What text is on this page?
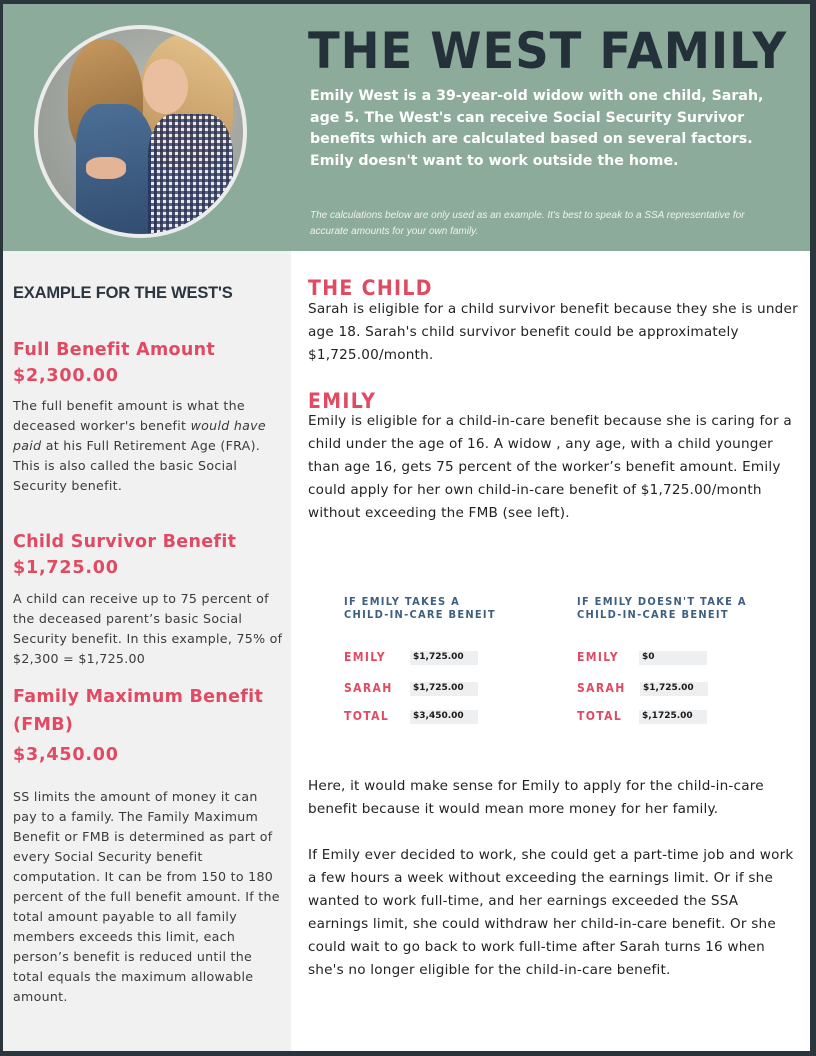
THE WEST FAMILY
Emily West is a 39-year-old widow with one child, Sarah, age 5. The West's can receive Social Security Survivor benefits which are calculated based on several factors. Emily doesn't want to work outside the home.
The calculations below are only used as an example. It's best to speak to a SSA representative for accurate amounts for your own family.
EXAMPLE FOR THE WEST'S
Full Benefit Amount
$2,300.00
The full benefit amount is what the deceased worker's benefit would have paid at his Full Retirement Age (FRA). This is also called the basic Social Security benefit.
Child Survivor Benefit
$1,725.00
A child can receive up to 75 percent of the deceased parent’s basic Social Security benefit. In this example, 75% of $2,300 = $1,725.00
Family Maximum Benefit (FMB)
$3,450.00
SS limits the amount of money it can pay to a family. The Family Maximum Benefit or FMB is determined as part of every Social Security benefit computation. It can be from 150 to 180 percent of the full benefit amount. If the total amount payable to all family members exceeds this limit, each person’s benefit is reduced until the total equals the maximum allowable amount.
THE CHILD
Sarah is eligible for a child survivor benefit because they she is under age 18. Sarah's child survivor benefit could be approximately $1,725.00/month.
EMILY
Emily is eligible for a child-in-care benefit because she is caring for a child under the age of 16. A widow , any age, with a child younger than age 16, gets 75 percent of the worker’s benefit amount. Emily could apply for her own child-in-care benefit of $1,725.00/month without exceeding the FMB (see left).
IF EMILY TAKES A
CHILD-IN-CARE BENEIT
EMILY	$1,725.00
SARAH	$1,725.00
TOTAL	$3,450.00
IF EMILY DOESN'T TAKE A
CHILD-IN-CARE BENEIT
EMILY	$0
SARAH	$1,725.00
TOTAL	$,1725.00
Here, it would make sense for Emily to apply for the child-in-care benefit because it would mean more money for her family.
If Emily ever decided to work, she could get a part-time job and work a few hours a week without exceeding the earnings limit. Or if she wanted to work full-time, and her earnings exceeded the SSA earnings limit, she could withdraw her child-in-care benefit. Or she could wait to go back to work full-time after Sarah turns 16 when she's no longer eligible for the child-in-care benefit.
